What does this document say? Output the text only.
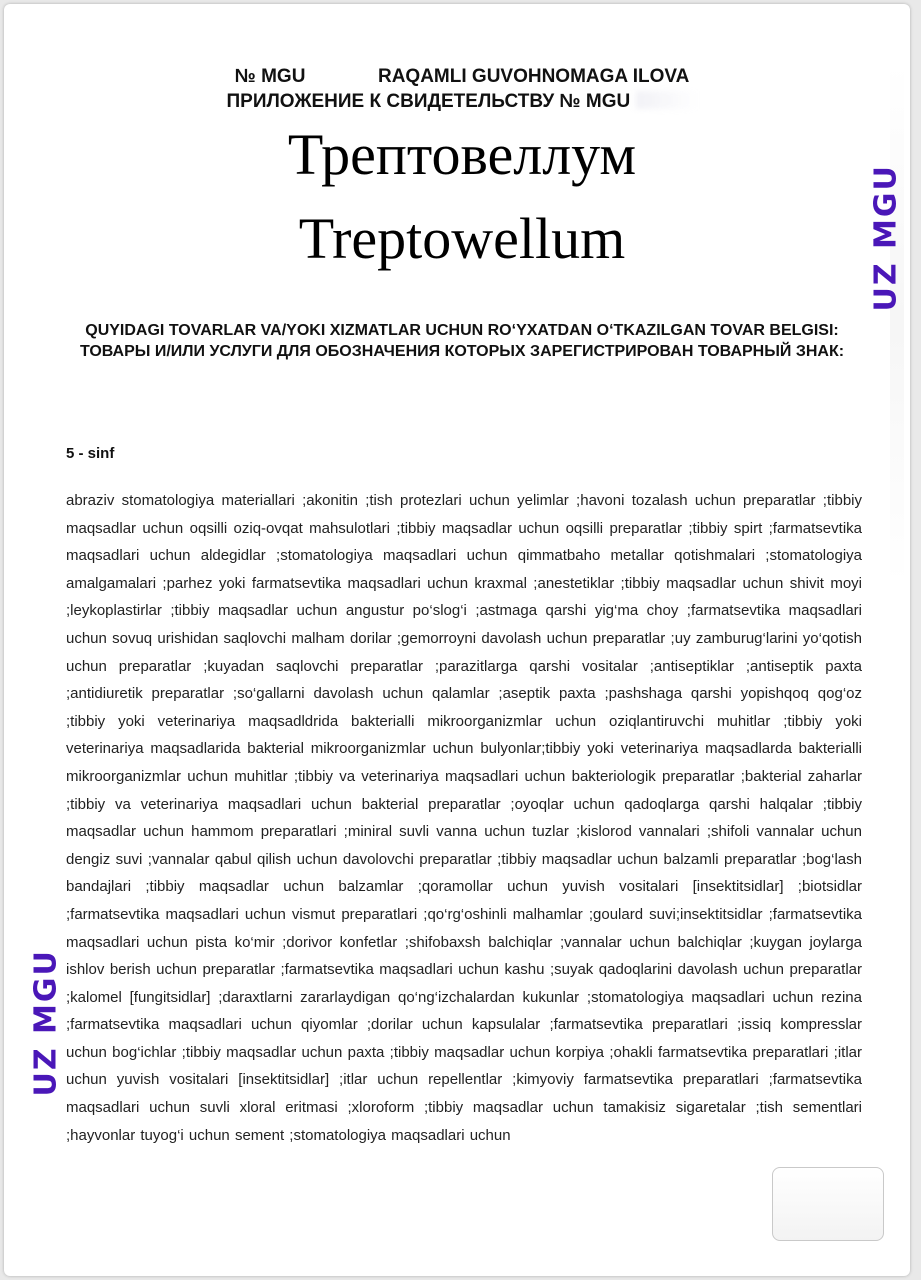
№ MGU	RAQAMLI GUVOHNOMAGA ILOVA
ПРИЛОЖЕНИЕ К СВИДЕТЕЛЬСТВУ № MGU
Трептовеллум
Treptowellum
QUYIDAGI TOVARLAR VA/YOKI XIZMATLAR UCHUN RO‘YXATDAN O‘TKAZILGAN TOVAR BELGISI:
ТОВАРЫ И/ИЛИ УСЛУГИ ДЛЯ ОБОЗНАЧЕНИЯ КОТОРЫХ ЗАРЕГИСТРИРОВАН ТОВАРНЫЙ ЗНАК:
5 - sinf
abraziv stomatologiya materiallari ;akonitin ;tish protezlari uchun yelimlar ;havoni tozalash uchun preparatlar ;tibbiy maqsadlar uchun oqsilli oziq-ovqat mahsulotlari ;tibbiy maqsadlar uchun oqsilli preparatlar ;tibbiy spirt ;farmatsevtika maqsadlari uchun aldegidlar ;stomatologiya maqsadlari uchun qimmatbaho metallar qotishmalari ;stomatologiya amalgamalari ;parhez yoki farmatsevtika maqsadlari uchun kraxmal ;anestetiklar ;tibbiy maqsadlar uchun shivit moyi ;leykoplastirlar ;tibbiy maqsadlar uchun angustur po‘slog‘i ;astmaga qarshi yig‘ma choy ;farmatsevtika maqsadlari uchun sovuq urishidan saqlovchi malham dorilar ;gemorroyni davolash uchun preparatlar ;uy zamburug‘larini yo‘qotish uchun preparatlar ;kuyadan saqlovchi preparatlar ;parazitlarga qarshi vositalar ;antiseptiklar ;antiseptik paxta ;antidiuretik preparatlar ;so‘gallarni davolash uchun qalamlar ;aseptik paxta ;pashshaga qarshi yopishqoq qog‘oz ;tibbiy yoki veterinariya maqsadldrida bakterialli mikroorganizmlar uchun oziqlantiruvchi muhitlar ;tibbiy yoki veterinariya maqsadlarida bakterial mikroorganizmlar uchun bulyonlar;tibbiy yoki veterinariya maqsadlarda bakterialli mikroorganizmlar uchun muhitlar ;tibbiy va veterinariya maqsadlari uchun bakteriologik preparatlar ;bakterial zaharlar ;tibbiy va veterinariya maqsadlari uchun bakterial preparatlar ;oyoqlar uchun qadoqlarga qarshi halqalar ;tibbiy maqsadlar uchun hammom preparatlari ;miniral suvli vanna uchun tuzlar ;kislorod vannalari ;shifoli vannalar uchun dengiz suvi ;vannalar qabul qilish uchun davolovchi preparatlar ;tibbiy maqsadlar uchun balzamli preparatlar ;bog‘lash bandajlari ;tibbiy maqsadlar uchun balzamlar ;qoramollar uchun yuvish vositalari [insektitsidlar] ;biotsidlar ;farmatsevtika maqsadlari uchun vismut preparatlari ;qo‘rg‘oshinli malhamlar ;goulard suvi;insektitsidlar ;farmatsevtika maqsadlari uchun pista ko‘mir ;dorivor konfetlar ;shifobaxsh balchiqlar ;vannalar uchun balchiqlar ;kuygan joylarga ishlov berish uchun preparatlar ;farmatsevtika maqsadlari uchun kashu ;suyak qadoqlarini davolash uchun preparatlar ;kalomel [fungitsidlar] ;daraxtlarni zararlaydigan qo‘ng‘izchalardan kukunlar ;stomatologiya maqsadlari uchun rezina ;farmatsevtika maqsadlari uchun qiyomlar ;dorilar uchun kapsulalar ;farmatsevtika preparatlari ;issiq kompresslar uchun bog‘ichlar ;tibbiy maqsadlar uchun paxta ;tibbiy maqsadlar uchun korpiya ;ohakli farmatsevtika preparatlari ;itlar uchun yuvish vositalari [insektitsidlar] ;itlar uchun repellentlar ;kimyoviy farmatsevtika preparatlari ;farmatsevtika maqsadlari uchun suvli xloral eritmasi ;xloroform ;tibbiy maqsadlar uchun tamakisiz sigaretalar ;tish sementlari ;hayvonlar tuyog‘i uchun sement ;stomatologiya maqsadlari uchun
UZ MGU
UZ MGU
